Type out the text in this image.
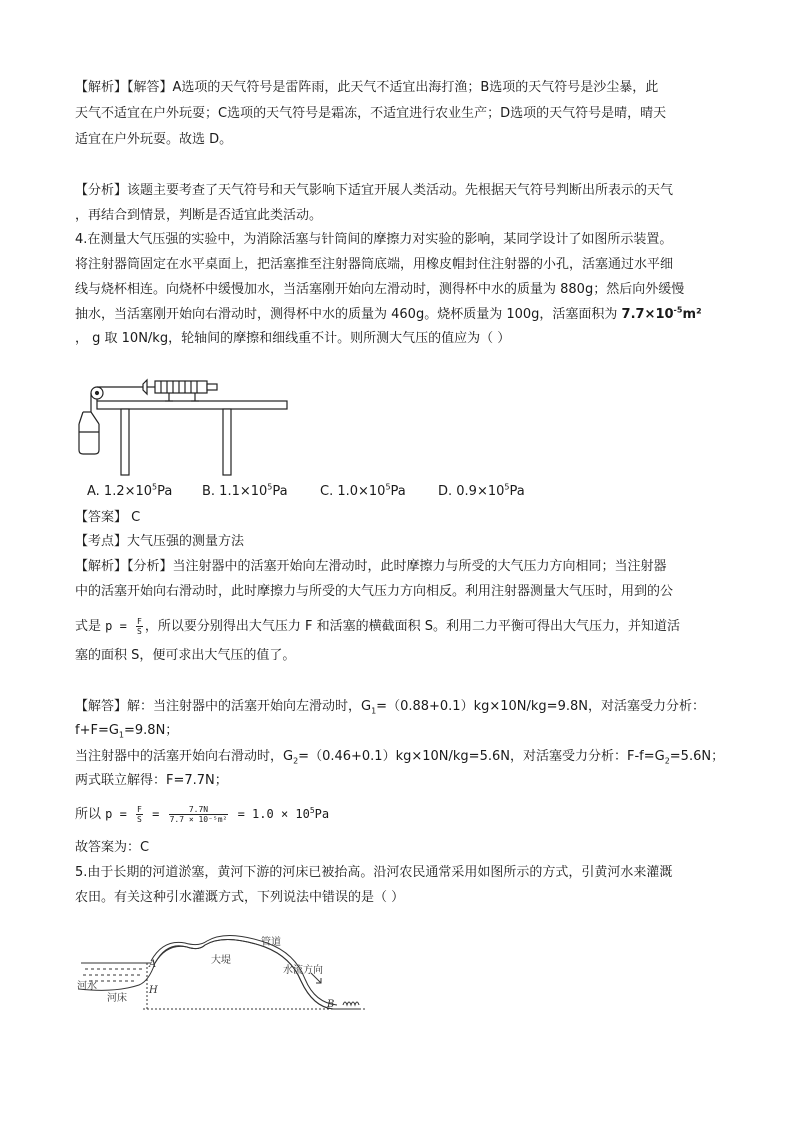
【解析】【解答】A选项的天气符号是雷阵雨，此天气不适宜出海打渔；B选项的天气符号是沙尘暴，此
天气不适宜在户外玩耍；C选项的天气符号是霜冻，不适宜进行农业生产；D选项的天气符号是晴，晴天
适宜在户外玩耍。故选 D。
【分析】该题主要考查了天气符号和天气影响下适宜开展人类活动。先根据天气符号判断出所表示的天气
，再结合到情景，判断是否适宜此类活动。
4.在测量大气压强的实验中，为消除活塞与针筒间的摩擦力对实验的影响，某同学设计了如图所示装置。
将注射器筒固定在水平桌面上，把活塞推至注射器筒底端，用橡皮帽封住注射器的小孔，活塞通过水平细
线与烧杯相连。向烧杯中缓慢加水，当活塞刚开始向左滑动时，测得杯中水的质量为 880g；然后向外缓慢
抽水，当活塞刚开始向右滑动时，测得杯中水的质量为 460g。烧杯质量为 100g，活塞面积为 $7.7\times 10^{-5}m^2$
， g 取 10N/kg，轮轴间的摩擦和细线重不计。则所测大气压的值应为（ ）
A. $1.2\times 10^5Pa$ B. $1.1\times 10^5Pa$ C. $1.0\times 10^5Pa$ D. $0.9\times 10^5Pa$
【答案】 C
【考点】大气压强的测量方法
【解析】【分析】当注射器中的活塞开始向左滑动时，此时摩擦力与所受的大气压力方向相同；当注射器
中的活塞开始向右滑动时，此时摩擦力与所受的大气压力方向相反。利用注射器测量大气压时，用到的公
式是 $p = \frac{F}{S}$ ，所以要分别得出大气压力 F 和活塞的横截面积 S。利用二力平衡可得出大气压力，并知道活
塞的面积 S，便可求出大气压的值了。
【解答】解：当注射器中的活塞开始向左滑动时，$G_1=(0.88+0.1)kg\times 10N/kg=9.8N$，对活塞受力分析：
$f+F=G_1=9.8N$；
当注射器中的活塞开始向右滑动时，$G_2=(0.46+0.1)kg\times 10N/kg=5.6N$，对活塞受力分析：$F-f=G_2=5.6N$；
两式联立解得：F=7.7N；
所以 $p = \frac{F}{S} = \frac{7.7N}{\text{7.7 × 10⁻⁵m²}} = 1.0 \times 10^5Pa$
故答案为：C
5.由于长期的河道淤塞，黄河下游的河床已被抬高。沿河农民通常采用如图所示的方式，引黄河水来灌溉
农田。有关这种引水灌溉方式，下列说法中错误的是（ ）
管道
大堤
水流方向
河水
河床
A
H
B
